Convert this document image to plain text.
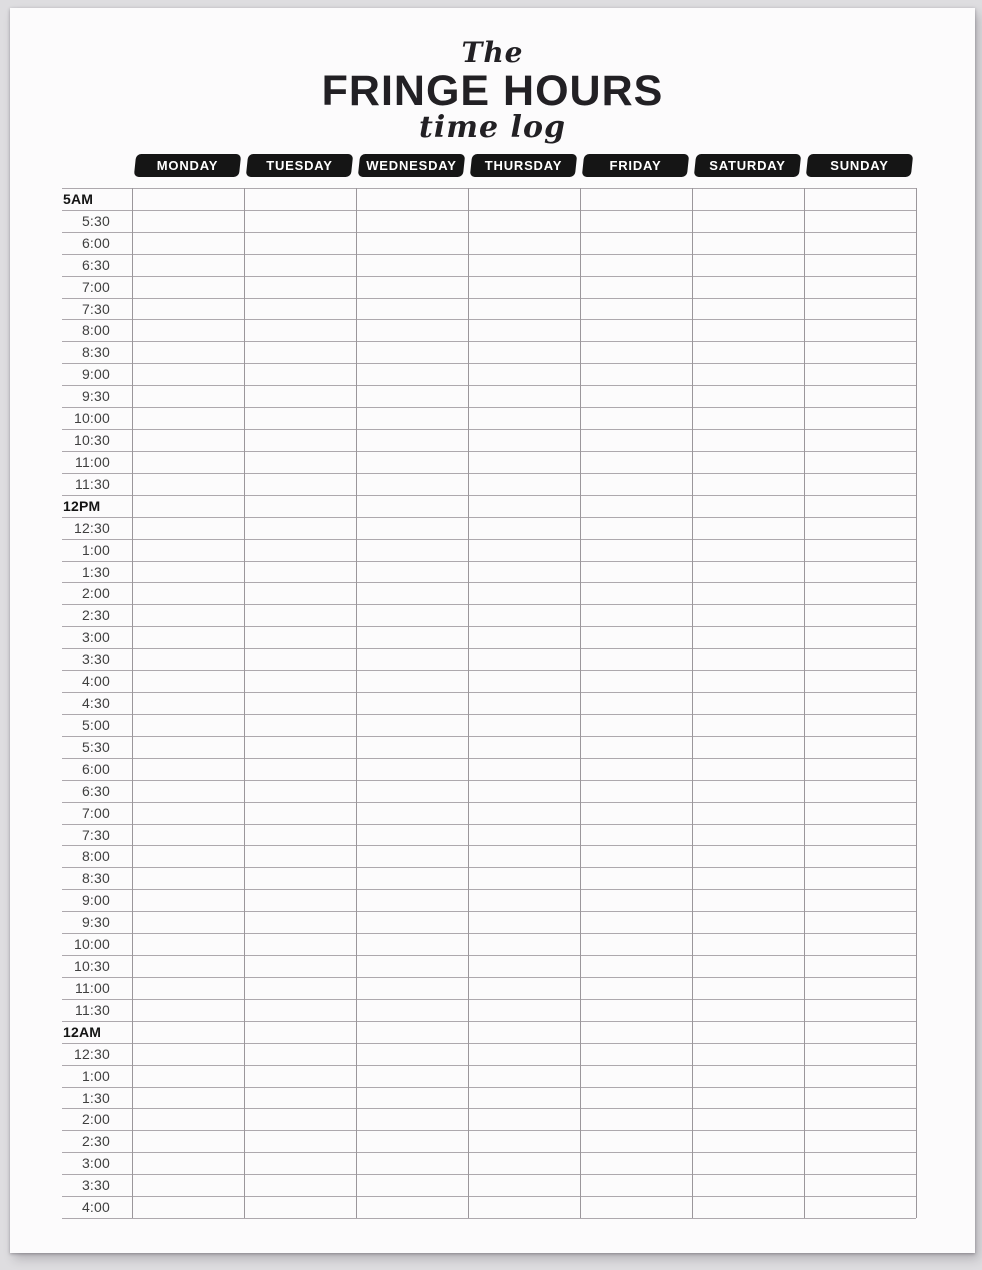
The
FRINGE HOURS
time log
MONDAY	TUESDAY	WEDNESDAY	THURSDAY	FRIDAY	SATURDAY	SUNDAY
5AM
5:30
6:00
6:30
7:00
7:30
8:00
8:30
9:00
9:30
10:00
10:30
11:00
11:30
12PM
12:30
1:00
1:30
2:00
2:30
3:00
3:30
4:00
4:30
5:00
5:30
6:00
6:30
7:00
7:30
8:00
8:30
9:00
9:30
10:00
10:30
11:00
11:30
12AM
12:30
1:00
1:30
2:00
2:30
3:00
3:30
4:00
